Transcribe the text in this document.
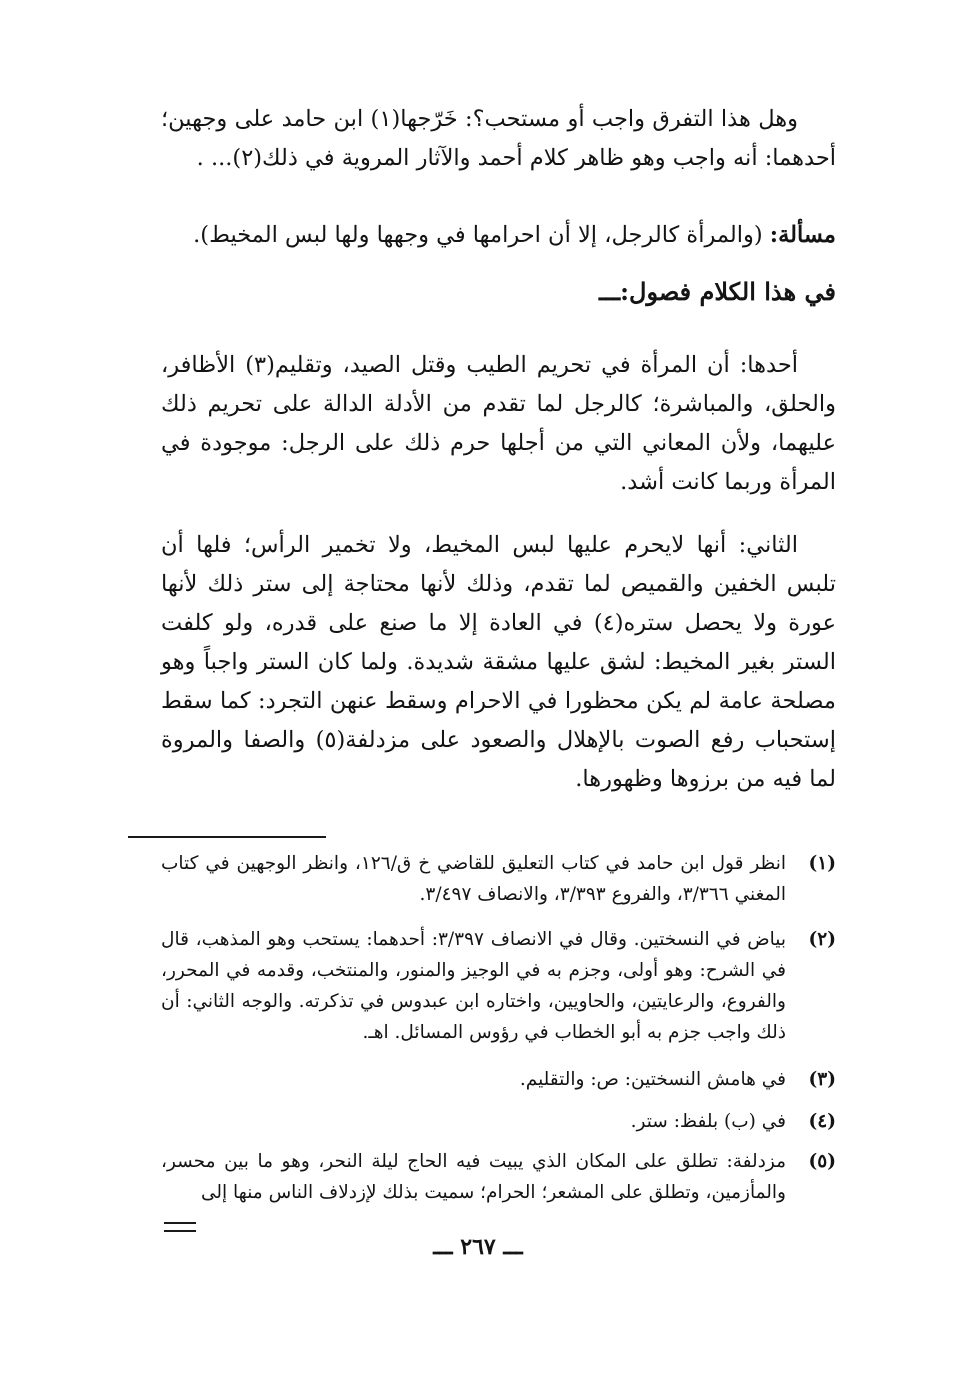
وهل هذا التفرق واجب أو مستحب؟: خَرّجها(١) ابن حامد على وجهين؛ أحدهما: أنه واجب وهو ظاهر كلام أحمد والآثار المروية في ذلك(٢)... .

مسألة: (والمرأة كالرجل، إلا أن احرامها في وجهها ولها لبس المخيط).

في هذا الكلام فصول:ـــ

أحدها: أن المرأة في تحريم الطيب وقتل الصيد، وتقليم(٣) الأظافر، والحلق، والمباشرة؛ كالرجل لما تقدم من الأدلة الدالة على تحريم ذلك عليهما، ولأن المعاني التي من أجلها حرم ذلك على الرجل: موجودة في المرأة وربما كانت أشد.

الثاني: أنها لايحرم عليها لبس المخيط، ولا تخمير الرأس؛ فلها أن تلبس الخفين والقميص لما تقدم، وذلك لأنها محتاجة إلى ستر ذلك لأنها عورة ولا يحصل ستره(٤) في العادة إلا ما صنع على قدره، ولو كلفت الستر بغير المخيط: لشق عليها مشقة شديدة. ولما كان الستر واجباً وهو مصلحة عامة لم يكن محظورا في الاحرام وسقط عنهن التجرد: كما سقط إستحباب رفع الصوت بالإهلال والصعود على مزدلفة(٥) والصفا والمروة لما فيه من برزوها وظهورها.

(١)
انظر قول ابن حامد في كتاب التعليق للقاضي خ ق/١٢٦، وانظر الوجهين في كتاب المغني ٣/٣٦٦، والفروع ٣/٣٩٣، والانصاف ٣/٤٩٧.
(٢)
بياض في النسختين. وقال في الانصاف ٣/٣٩٧: أحدهما: يستحب وهو المذهب، قال في الشرح: وهو أولى، وجزم به في الوجيز والمنور، والمنتخب، وقدمه في المحرر، والفروع، والرعايتين، والحاويين، واختاره ابن عبدوس في تذكرته. والوجه الثاني: أن ذلك واجب جزم به أبو الخطاب في رؤوس المسائل. اهـ.
(٣)
في هامش النسختين: ص: والتقليم.
(٤)
في (ب) بلفظ: ستر.
(٥)
مزدلفة: تطلق على المكان الذي يبيت فيه الحاج ليلة النحر، وهو ما بين محسر، والمأزمين، وتطلق على المشعر؛ الحرام؛ سميت بذلك لإزدلاف الناس منها إلى
ـــ ٢٦٧ ـــ
